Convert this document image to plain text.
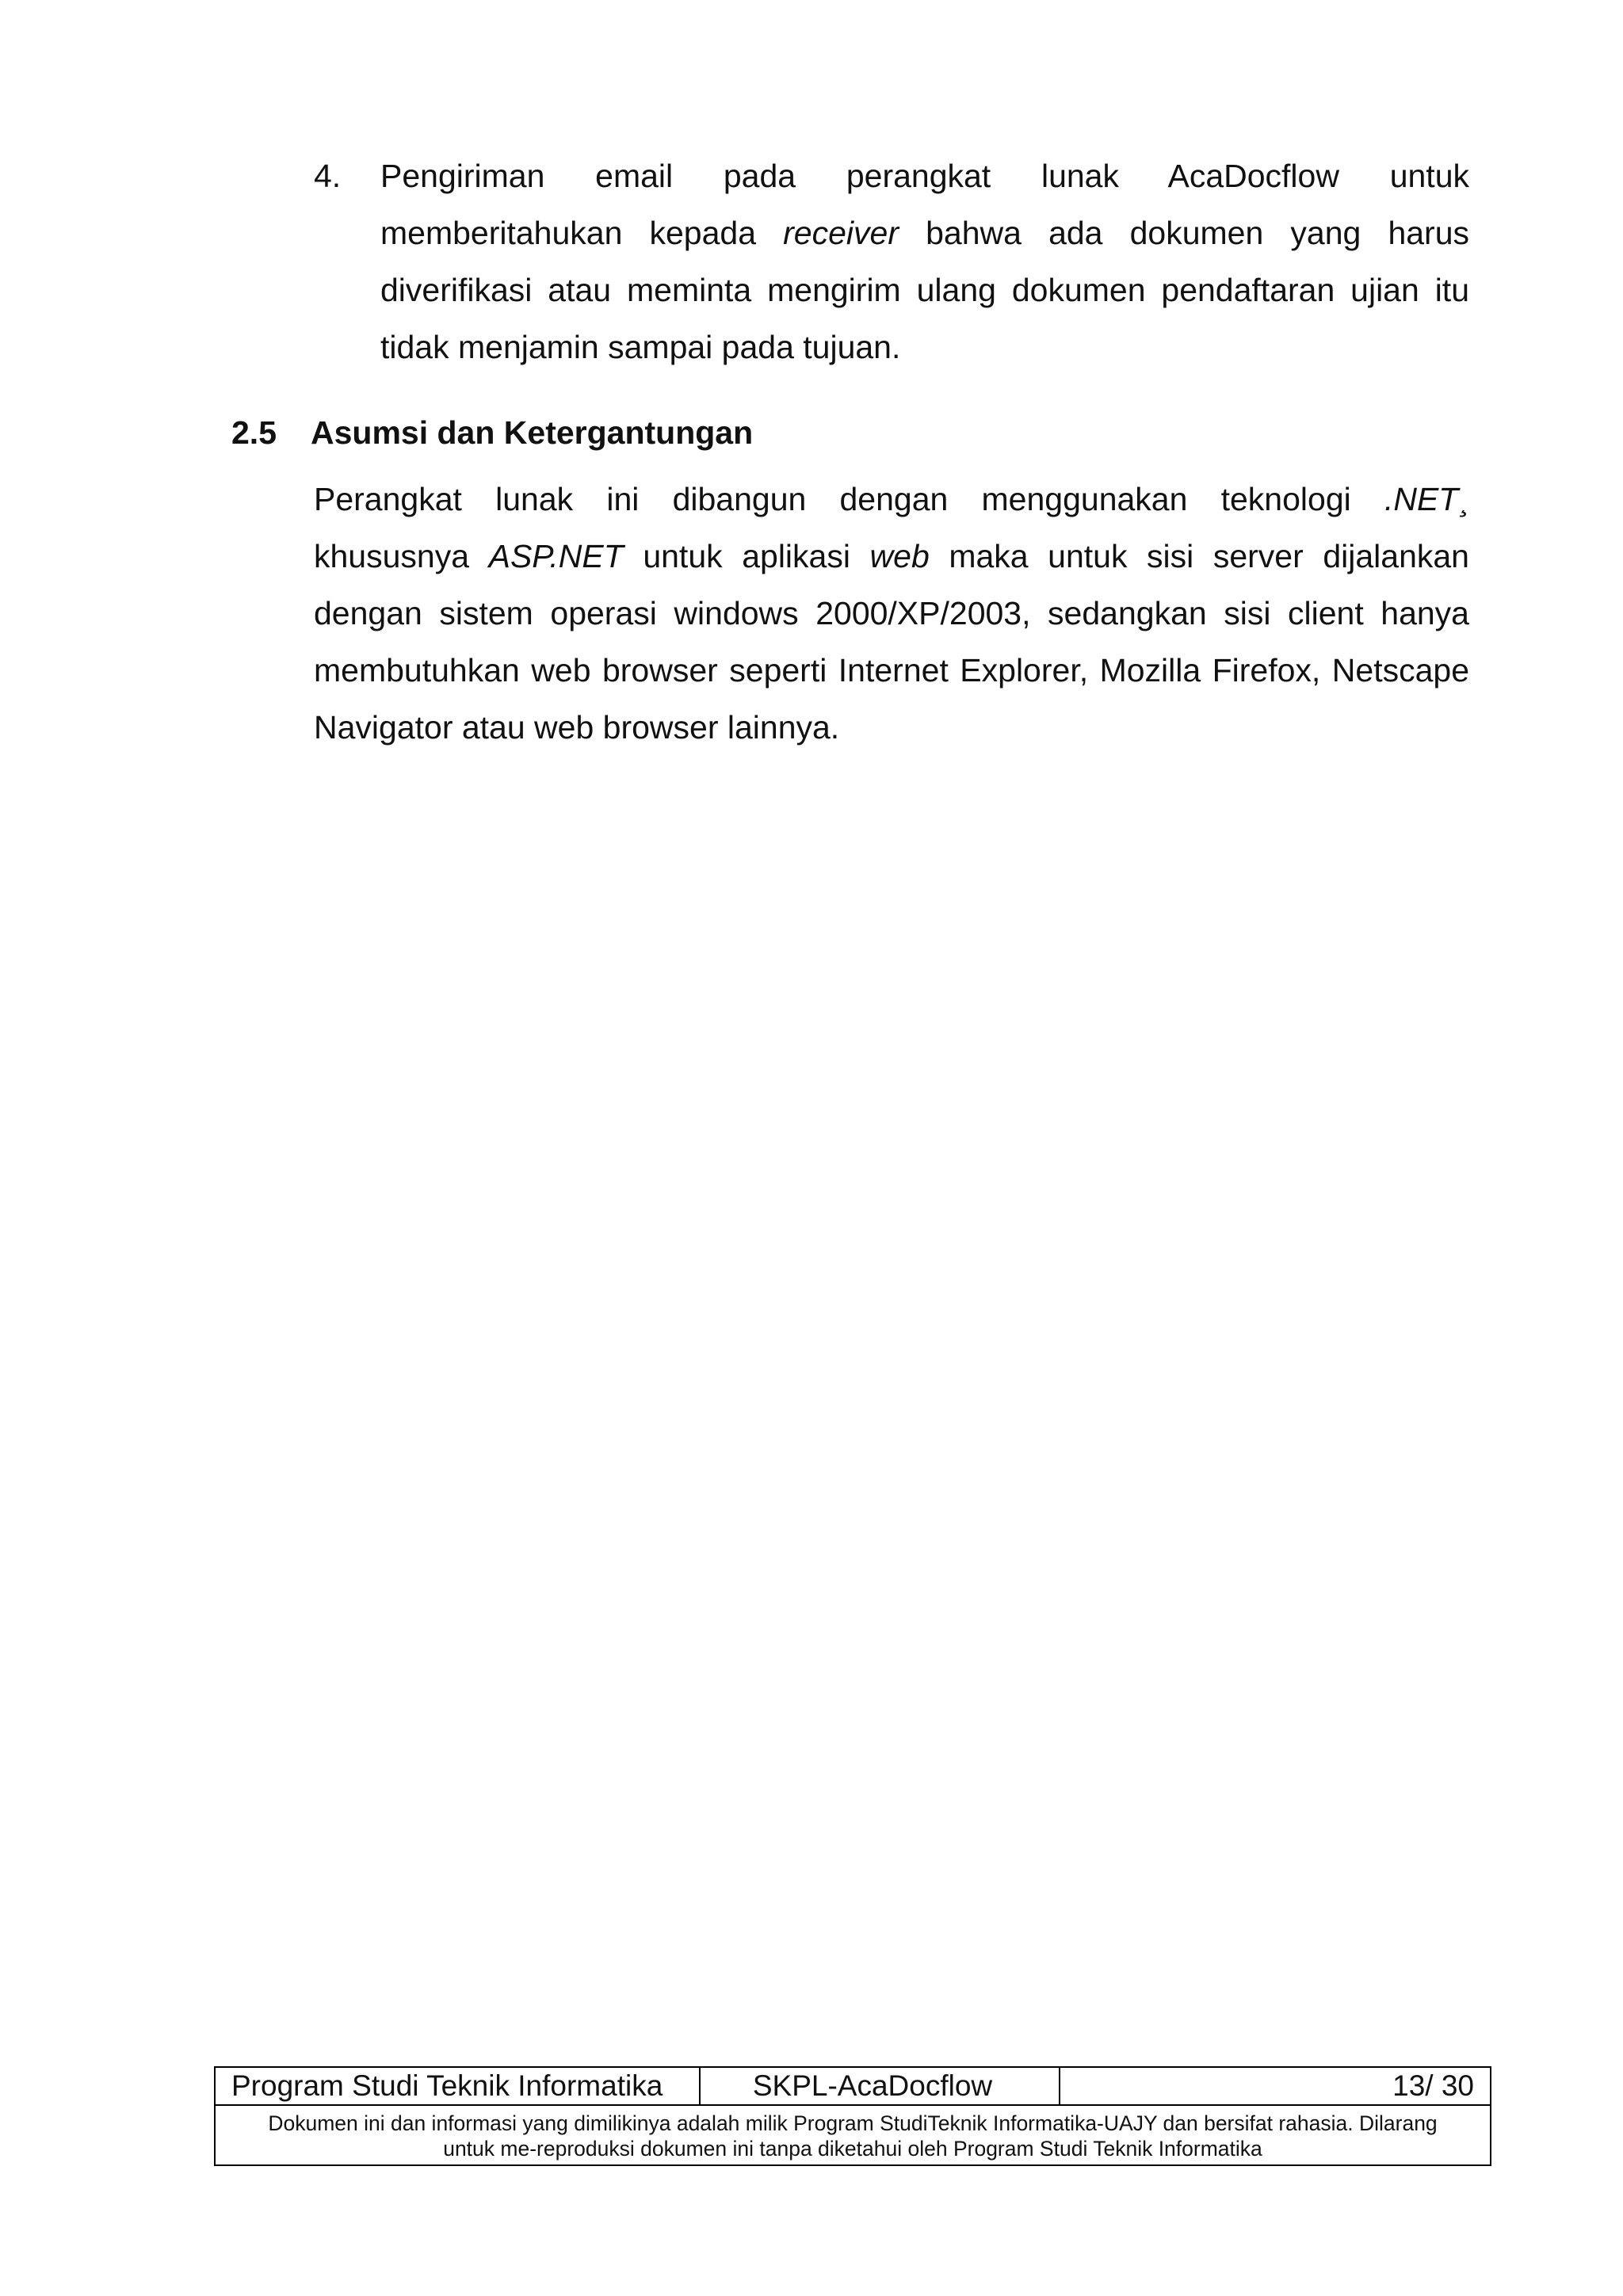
4. Pengiriman email pada perangkat lunak AcaDocflow untuk
memberitahukan kepada receiver bahwa ada dokumen yang harus
diverifikasi atau meminta mengirim ulang dokumen pendaftaran ujian itu
tidak menjamin sampai pada tujuan.
2.5 Asumsi dan Ketergantungan
Perangkat lunak ini dibangun dengan menggunakan teknologi .NET¸
khususnya ASP.NET untuk aplikasi web maka untuk sisi server dijalankan
dengan sistem operasi windows 2000/XP/2003, sedangkan sisi client hanya
membutuhkan web browser seperti Internet Explorer, Mozilla Firefox, Netscape
Navigator atau web browser lainnya.
Program Studi Teknik Informatika	SKPL-AcaDocflow	13/ 30
Dokumen ini dan informasi yang dimilikinya adalah milik Program StudiTeknik Informatika-UAJY dan bersifat rahasia. Dilarang
untuk me-reproduksi dokumen ini tanpa diketahui oleh Program Studi Teknik Informatika
